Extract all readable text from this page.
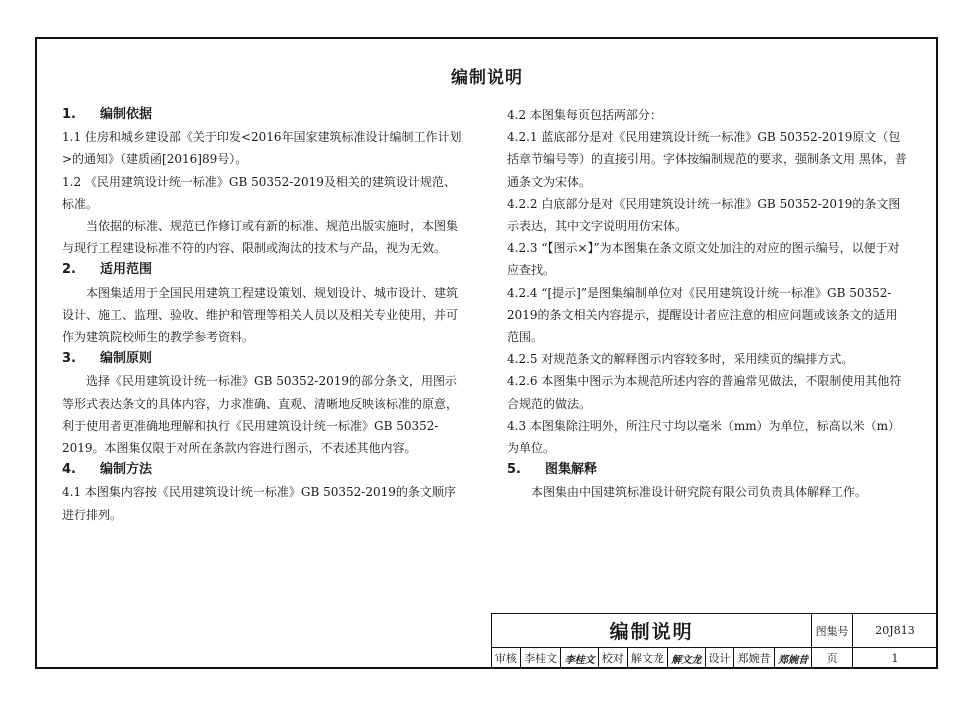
编制说明

1. 编制依据

1.1 住房和城乡建设部《关于印发<2016年国家建筑标准设计编制工作计划>的通知》（建质函[2016]89号）。

1.2 《民用建筑设计统一标准》GB 50352-2019及相关的建筑设计规范、标准。

当依据的标准、规范已作修订或有新的标准、规范出版实施时，本图集与现行工程建设标准不符的内容、限制或淘汰的技术与产品，视为无效。

2. 适用范围

本图集适用于全国民用建筑工程建设策划、规划设计、城市设计、建筑设计、施工、监理、验收、维护和管理等相关人员以及相关专业使用，并可作为建筑院校师生的教学参考资料。

3. 编制原则

选择《民用建筑设计统一标准》GB 50352-2019的部分条文，用图示等形式表达条文的具体内容，力求准确、直观、清晰地反映该标准的原意，利于使用者更准确地理解和执行《民用建筑设计统一标准》GB 50352-2019。本图集仅限于对所在条款内容进行图示，不表述其他内容。

4. 编制方法

4.1 本图集内容按《民用建筑设计统一标准》GB 50352-2019的条文顺序进行排列。

4.2 本图集每页包括两部分：

4.2.1 蓝底部分是对《民用建筑设计统一标准》GB 50352-2019原文（包括章节编号等）的直接引用。字体按编制规范的要求，强制条文用 黑体，普通条文为宋体。

4.2.2 白底部分是对《民用建筑设计统一标准》GB 50352-2019的条文图示表达，其中文字说明用仿宋体。

4.2.3 “【图示×】”为本图集在条文原文处加注的对应的图示编号，以便于对应查找。

4.2.4 “[提示]”是图集编制单位对《民用建筑设计统一标准》GB 50352-2019的条文相关内容提示，提醒设计者应注意的相应问题或该条文的适用范围。

4.2.5 对规范条文的解释图示内容较多时，采用续页的编排方式。

4.2.6 本图集中图示为本规范所述内容的普遍常见做法，不限制使用其他符合规范的做法。

4.3 本图集除注明外，所注尺寸均以毫米（mm）为单位，标高以米（m）为单位。

5. 图集解释

本图集由中国建筑标准设计研究院有限公司负责具体解释工作。

编制说明									图集号	20J813
审核	李桂文	李桂文	校对	解文龙	解文龙	设计	郑婉昔	郑婉昔	页	1
